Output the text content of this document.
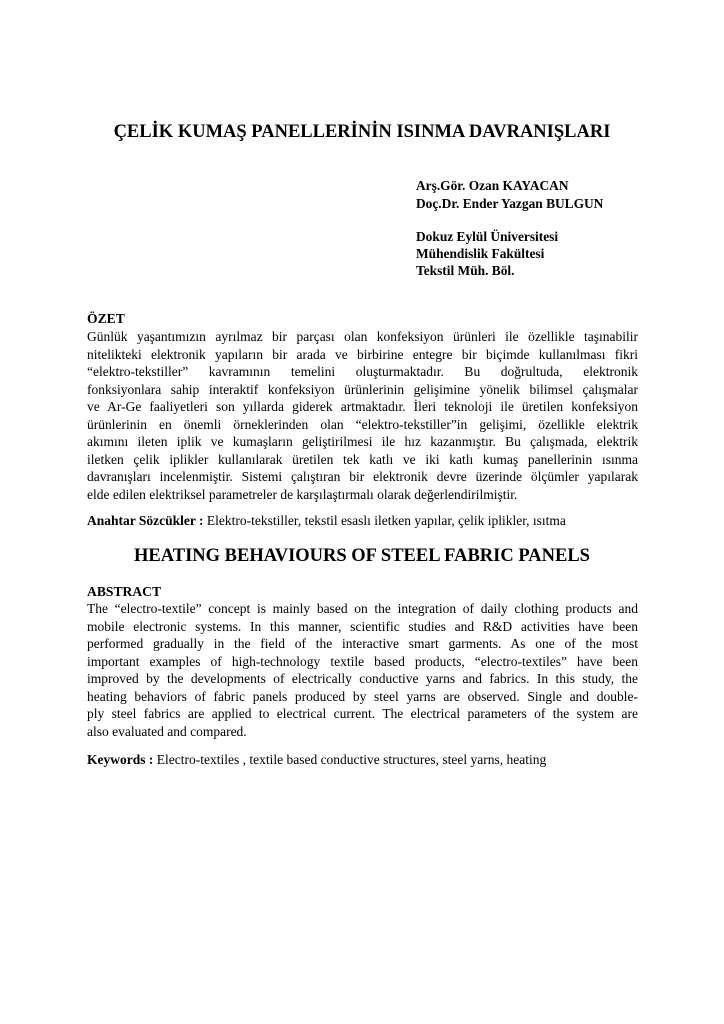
ÇELİK KUMAŞ PANELLERİNİN ISINMA DAVRANIŞLARI
Arş.Gör. Ozan KAYACAN
Doç.Dr. Ender Yazgan BULGUN
Dokuz Eylül Üniversitesi
Mühendislik Fakültesi
Tekstil Müh. Böl.
ÖZET
Günlük yaşantımızın ayrılmaz bir parçası olan konfeksiyon ürünleri ile özellikle taşınabilir
nitelikteki elektronik yapıların bir arada ve birbirine entegre bir biçimde kullanılması fikri
“elektro-tekstiller” kavramının temelini oluşturmaktadır. Bu doğrultuda, elektronik
fonksiyonlara sahip interaktif konfeksiyon ürünlerinin gelişimine yönelik bilimsel çalışmalar
ve Ar-Ge faaliyetleri son yıllarda giderek artmaktadır. İleri teknoloji ile üretilen konfeksiyon
ürünlerinin en önemli örneklerinden olan “elektro-tekstiller”in gelişimi, özellikle elektrik
akımını ileten iplik ve kumaşların geliştirilmesi ile hız kazanmıştır. Bu çalışmada, elektrik
iletken çelik iplikler kullanılarak üretilen tek katlı ve iki katlı kumaş panellerinin ısınma
davranışları incelenmiştir. Sistemi çalıştıran bir elektronik devre üzerinde ölçümler yapılarak
elde edilen elektriksel parametreler de karşılaştırmalı olarak değerlendirilmiştir.
Anahtar Sözcükler : Elektro-tekstiller, tekstil esaslı iletken yapılar, çelik iplikler, ısıtma
HEATING BEHAVIOURS OF STEEL FABRIC PANELS
ABSTRACT
The “electro-textile” concept is mainly based on the integration of daily clothing products and
mobile electronic systems. In this manner, scientific studies and R&D activities have been
performed gradually in the field of the interactive smart garments. As one of the most
important examples of high-technology textile based products, “electro-textiles” have been
improved by the developments of electrically conductive yarns and fabrics. In this study, the
heating behaviors of fabric panels produced by steel yarns are observed. Single and double-
ply steel fabrics are applied to electrical current. The electrical parameters of the system are
also evaluated and compared.
Keywords : Electro-textiles , textile based conductive structures, steel yarns, heating
